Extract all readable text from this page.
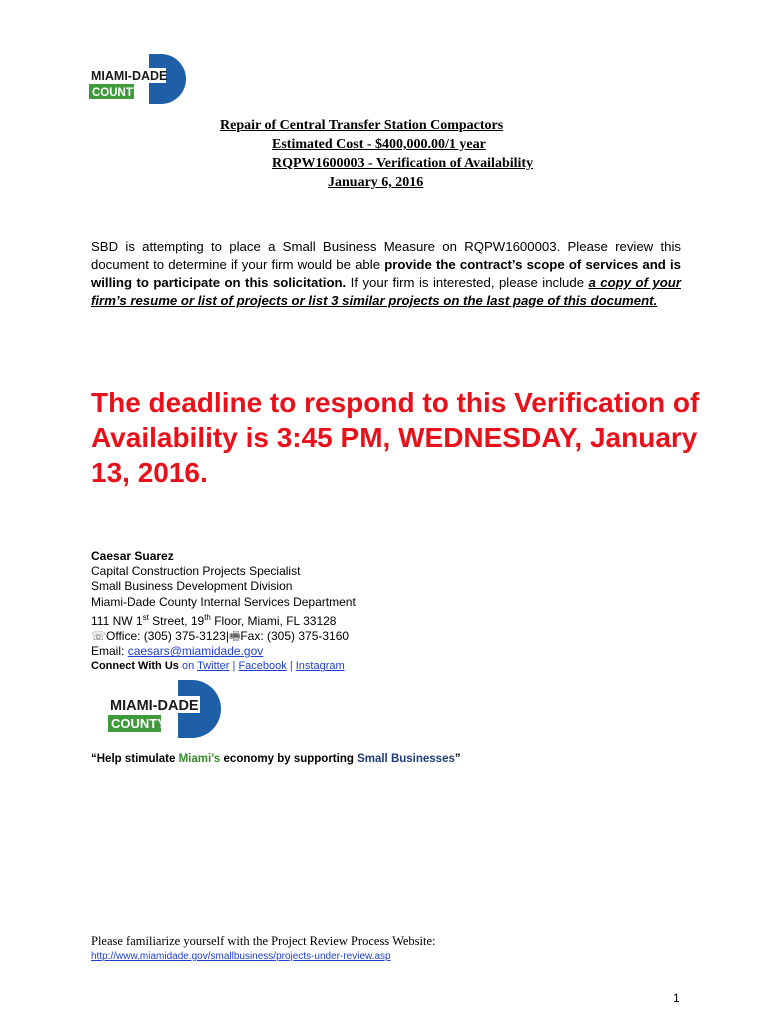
MIAMI-DADE
COUNTY
Repair of Central Transfer Station Compactors
Estimated Cost - $400,000.00/1 year
RQPW1600003 - Verification of Availability
January 6, 2016
SBD is attempting to place a Small Business Measure on RQPW1600003. Please review this document to determine if your firm would be able provide the contract’s scope of services and is willing to participate on this solicitation. If your firm is interested, please include a copy of your firm’s resume or list of projects or list 3 similar projects on the last page of this document.
The deadline to respond to this Verification of Availability is 3:45 PM, WEDNESDAY, January 13, 2016.
Caesar Suarez
Capital Construction Projects Specialist
Small Business Development Division
Miami-Dade County Internal Services Department
111 NW 1st Street, 19th Floor, Miami, FL 33128
☏Office: (305) 375-3123|🖷Fax: (305) 375-3160
Email: caesars@miamidade.gov
Connect With Us on Twitter | Facebook | Instagram
MIAMI-DADE
COUNTY
“Help stimulate Miami’s economy by supporting Small Businesses”
Please familiarize yourself with the Project Review Process Website:
http://www.miamidade.gov/smallbusiness/projects-under-review.asp
1
